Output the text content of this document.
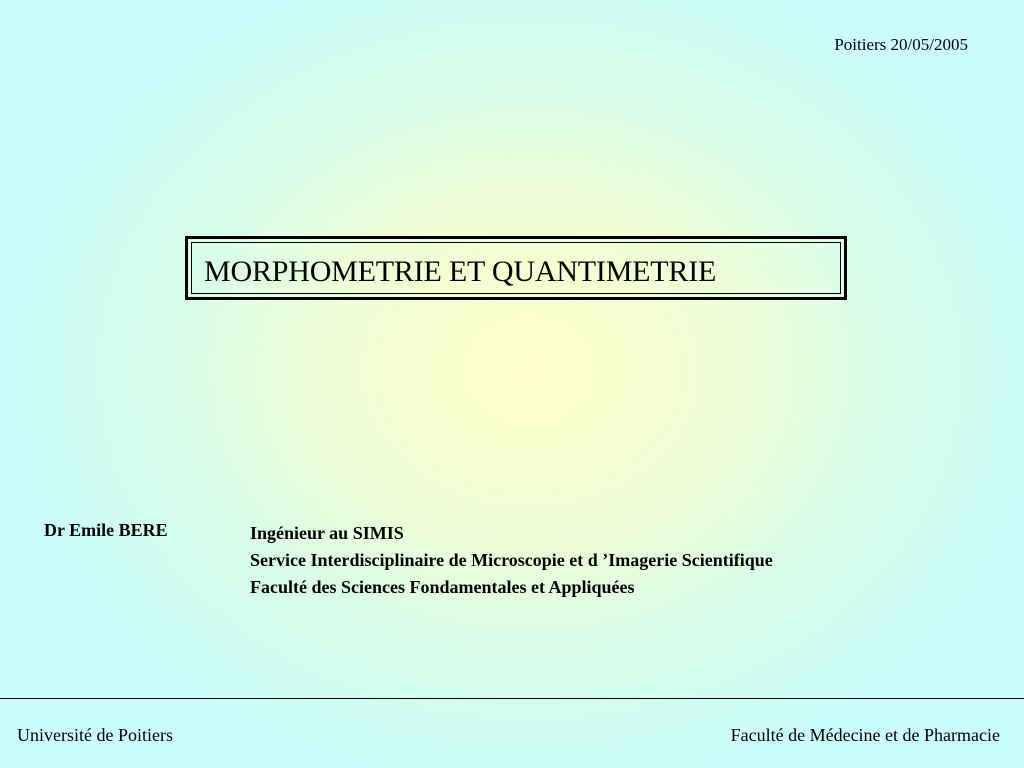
Poitiers 20/05/2005
MORPHOMETRIE ET QUANTIMETRIE
Dr Emile BERE	Ingénieur au SIMIS
Service Interdisciplinaire de Microscopie et d ’Imagerie Scientifique
Faculté des Sciences Fondamentales et Appliquées
Université de Poitiers	Faculté de Médecine et de Pharmacie
